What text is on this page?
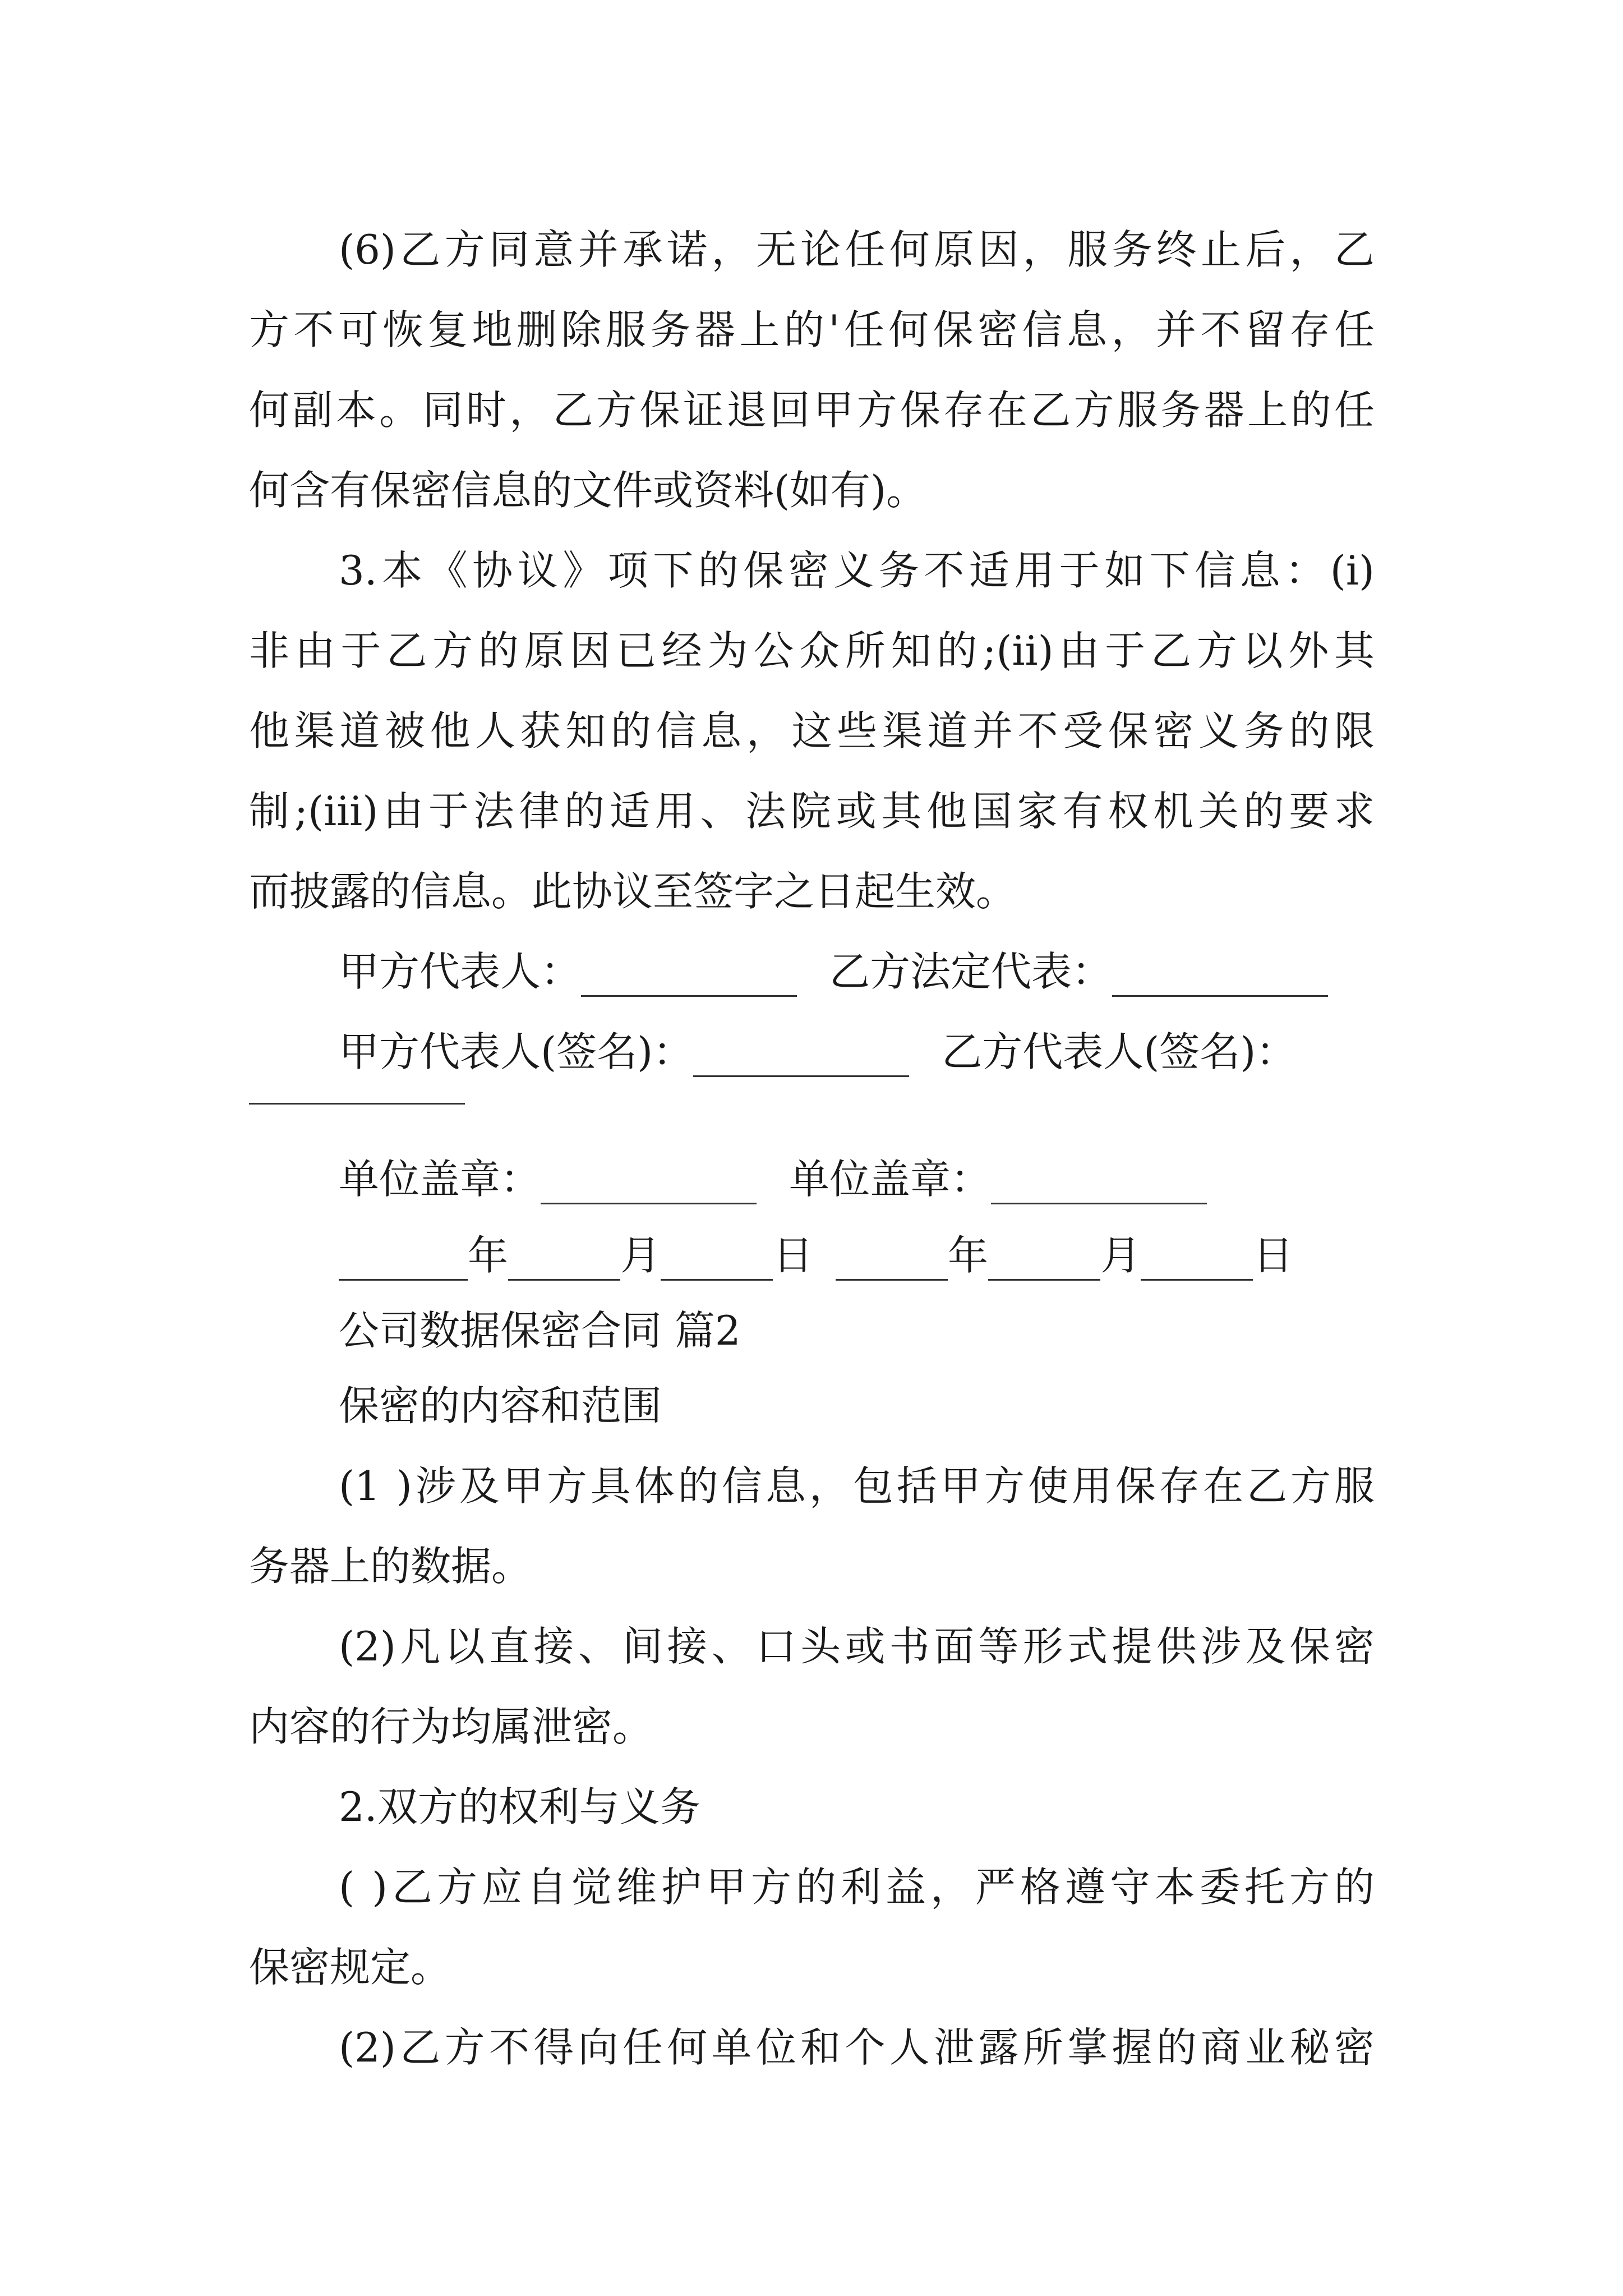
(6)乙方同意并承诺，无论任何原因，服务终止后，乙
方不可恢复地删除服务器上的'任何保密信息，并不留存任
何副本。同时，乙方保证退回甲方保存在乙方服务器上的任
何含有保密信息的文件或资料(如有)。
3.本《协议》项下的保密义务不适用于如下信息：(i)
非由于乙方的原因已经为公众所知的;(ii)由于乙方以外其
他渠道被他人获知的信息，这些渠道并不受保密义务的限
制;(iii)由于法律的适用、法院或其他国家有权机关的要求
而披露的信息。此协议至签字之日起生效。
甲方代表人：	乙方法定代表：
甲方代表人(签名)：	乙方代表人(签名)：
单位盖章：	单位盖章：
年	月	日	年	月	日
公司数据保密合同 篇2
保密的内容和范围
(1 )涉及甲方具体的信息，包括甲方使用保存在乙方服
务器上的数据。
(2)凡以直接、间接、口头或书面等形式提供涉及保密
内容的行为均属泄密。
2.双方的权利与义务
( )乙方应自觉维护甲方的利益，严格遵守本委托方的
保密规定。
(2)乙方不得向任何单位和个人泄露所掌握的商业秘密
